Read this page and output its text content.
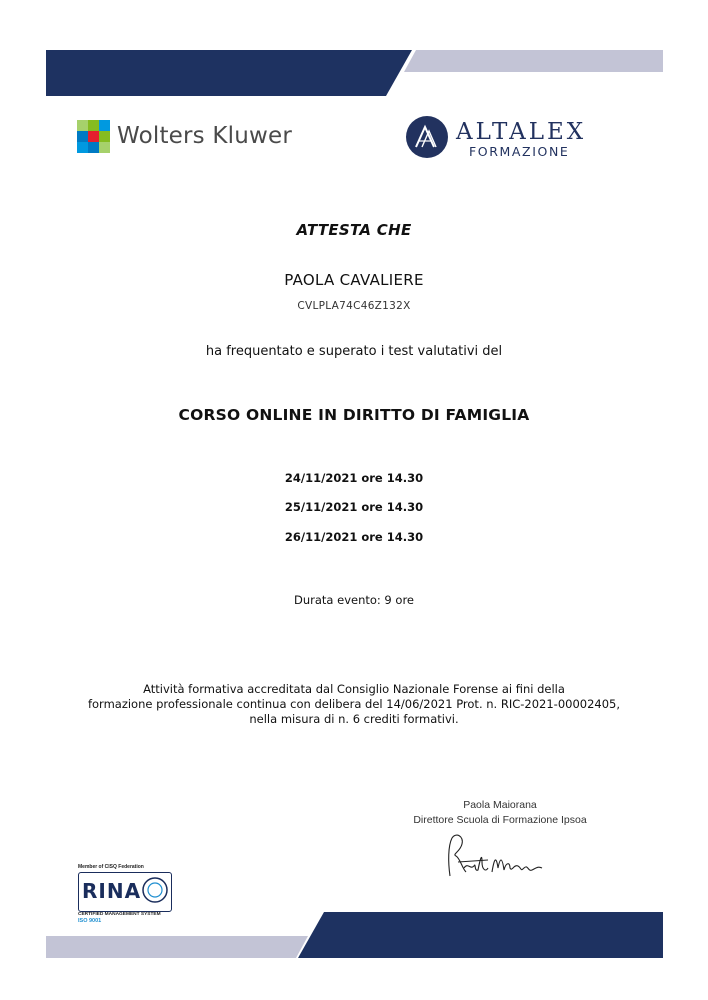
Wolters Kluwer	ALTALEX
FORMAZIONE
ATTESTA CHE
PAOLA CAVALIERE
CVLPLA74C46Z132X
ha frequentato e superato i test valutativi del
CORSO ONLINE IN DIRITTO DI FAMIGLIA
24/11/2021 ore 14.30
25/11/2021 ore 14.30
26/11/2021 ore 14.30
Durata evento: 9 ore
Attività formativa accreditata dal Consiglio Nazionale Forense ai fini della
formazione professionale continua con delibera del 14/06/2021 Prot. n. RIC-2021-00002405,
nella misura di n. 6 crediti formativi.
Paola Maiorana
Direttore Scuola di Formazione Ipsoa
Member of CISQ Federation
RINA
CERTIFIED MANAGEMENT SYSTEM
ISO 9001
